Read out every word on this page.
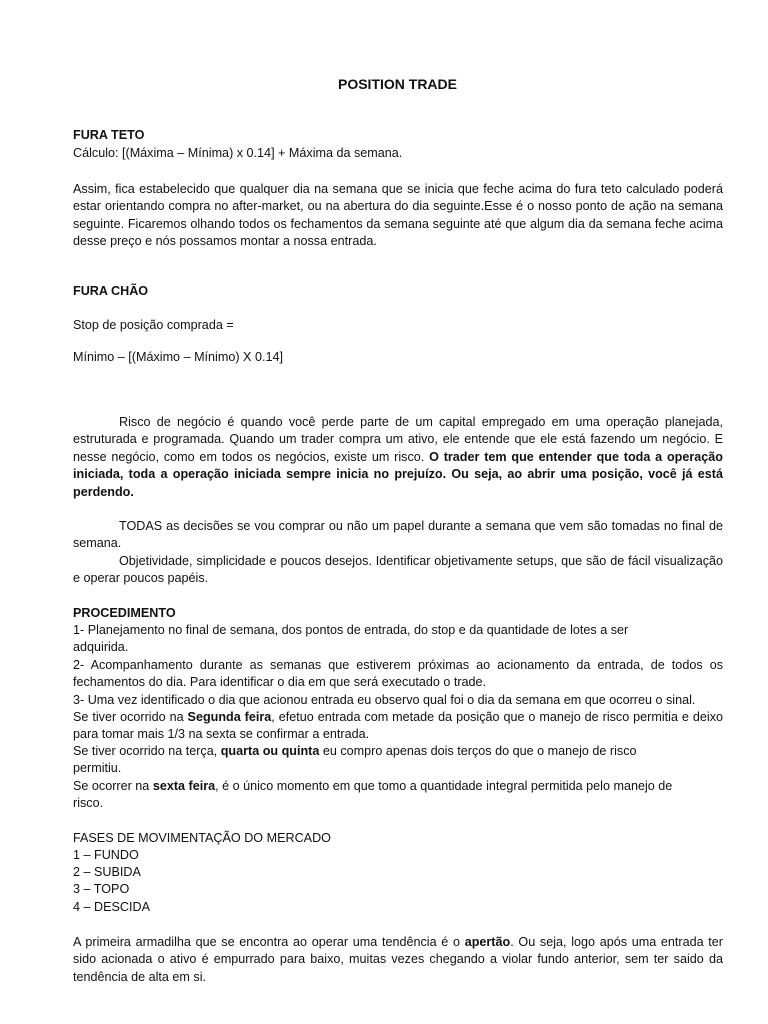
POSITION TRADE

FURA TETO

Cálculo: [(Máxima – Mínima) x 0.14] + Máxima da semana.

Assim, fica estabelecido que qualquer dia na semana que se inicia que feche acima do fura teto calculado poderá estar orientando compra no after-market, ou na abertura do dia seguinte.Esse é o nosso ponto de ação na semana seguinte. Ficaremos olhando todos os fechamentos da semana seguinte até que algum dia da semana feche acima desse preço e nós possamos montar a nossa entrada.

FURA CHÃO

Stop de posição comprada =

Mínimo – [(Máximo – Mínimo) X 0.14]

Risco de negócio é quando você perde parte de um capital empregado em uma operação planejada, estruturada e programada. Quando um trader compra um ativo, ele entende que ele está fazendo um negócio. E nesse negócio, como em todos os negócios, existe um risco. O trader tem que entender que toda a operação iniciada, toda a operação iniciada sempre inicia no prejuízo. Ou seja, ao abrir uma posição, você já está perdendo.

TODAS as decisões se vou comprar ou não um papel durante a semana que vem são tomadas no final de semana.

Objetividade, simplicidade e poucos desejos. Identificar objetivamente setups, que são de fácil visualização e operar poucos papéis.

PROCEDIMENTO

1- Planejamento no final de semana, dos pontos de entrada, do stop e da quantidade de lotes a ser

adquirida.

2- Acompanhamento durante as semanas que estiverem próximas ao acionamento da entrada, de todos os fechamentos do dia. Para identificar o dia em que será executado o trade.

3- Uma vez identificado o dia que acionou entrada eu observo qual foi o dia da semana em que ocorreu o sinal.

Se tiver ocorrido na Segunda feira, efetuo entrada com metade da posição que o manejo de risco permitia e deixo para tomar mais 1/3 na sexta se confirmar a entrada.

Se tiver ocorrido na terça, quarta ou quinta eu compro apenas dois terços do que o manejo de risco

permitiu.

Se ocorrer na sexta feira, é o único momento em que tomo a quantidade integral permitida pelo manejo de

risco.

FASES DE MOVIMENTAÇÃO DO MERCADO

1 – FUNDO

2 – SUBIDA

3 – TOPO

4 – DESCIDA

A primeira armadilha que se encontra ao operar uma tendência é o apertão. Ou seja, logo após uma entrada ter sido acionada o ativo é empurrado para baixo, muitas vezes chegando a violar fundo anterior, sem ter saido da tendência de alta em si.
